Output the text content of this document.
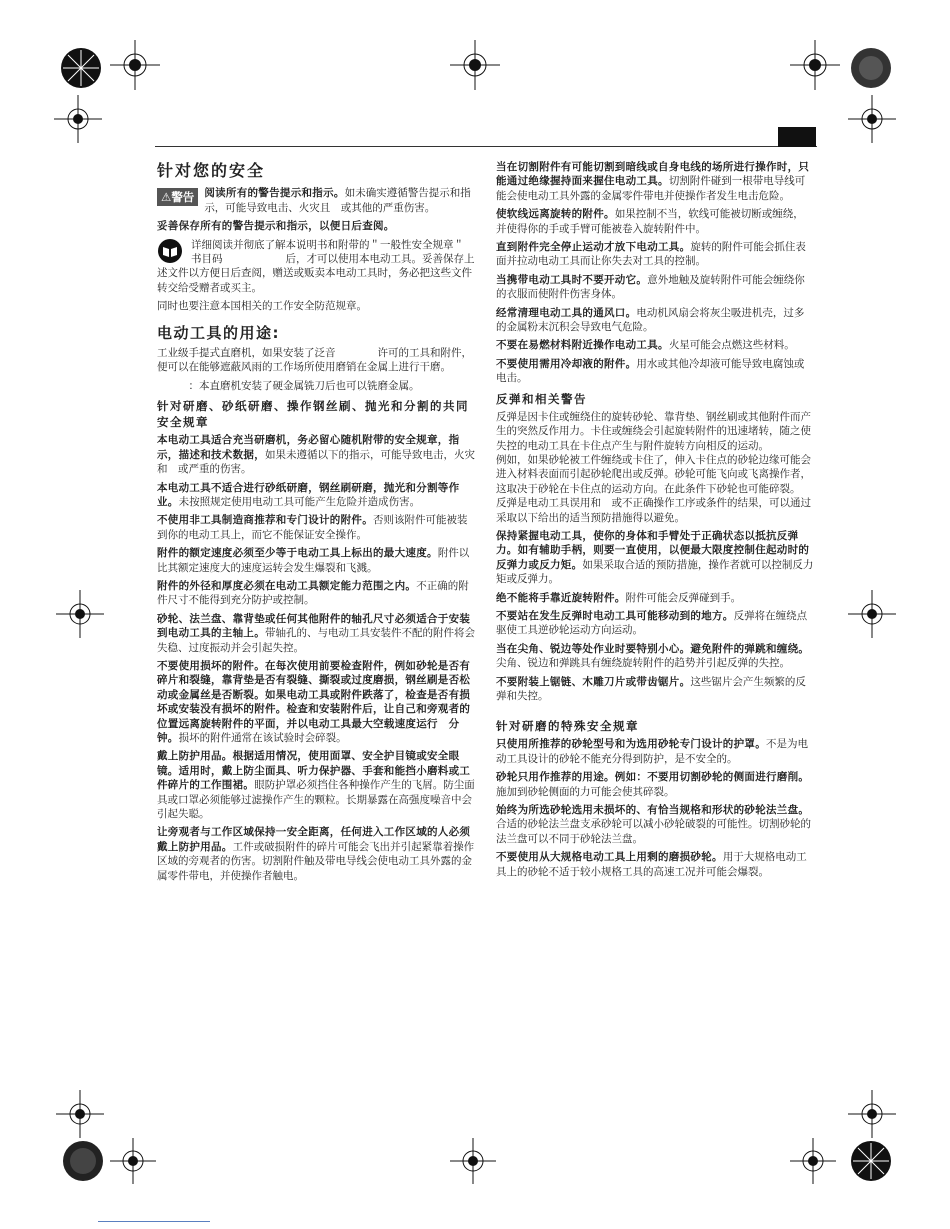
针对您的安全

⚠警告 阅读所有的警告提示和指示。如未确实遵循警告提示和指示，可能导致电击、火灾且　或其他的严重伤害。

妥善保存所有的警告提示和指示，以便日后查阅。

详细阅读并彻底了解本说明书和附带的＂一般性安全规章＂　书目码　　　　　　后，才可以使用本电动工具。妥善保存上述文件以方便日后查阅，赠送或贩卖本电动工具时，务必把这些文件转交给受赠者或买主。

同时也要注意本国相关的工作安全防范规章。

电动工具的用途:

工业级手提式直磨机，如果安装了泛音　　　　许可的工具和附件，便可以在能够遮蔽风雨的工作场所使用磨销在金属上进行干磨。

　　　：本直磨机安装了硬金属铣刀后也可以铣磨金属。

针对研磨、砂纸研磨、操作钢丝刷、抛光和分割的共同安全规章

本电动工具适合充当研磨机，务必留心随机附带的安全规章，指示，描述和技术数据，如果未遵循以下的指示，可能导致电击，火灾和　或严重的伤害。

本电动工具不适合进行砂纸研磨，钢丝刷研磨，抛光和分割等作业。未按照规定使用电动工具可能产生危险并造成伤害。

不使用非工具制造商推荐和专门设计的附件。否则该附件可能被装到你的电动工具上，而它不能保证安全操作。

附件的额定速度必须至少等于电动工具上标出的最大速度。附件以比其额定速度大的速度运转会发生爆裂和飞溅。

附件的外径和厚度必须在电动工具额定能力范围之内。不正确的附件尺寸不能得到充分防护或控制。

砂轮、法兰盘、靠背垫或任何其他附件的轴孔尺寸必须适合于安装到电动工具的主轴上。带轴孔的、与电动工具安装件不配的附件将会失稳、过度振动并会引起失控。

不要使用损坏的附件。在每次使用前要检查附件，例如砂轮是否有碎片和裂缝，靠背垫是否有裂缝、撕裂或过度磨损，钢丝刷是否松动或金属丝是否断裂。如果电动工具或附件跌落了，检查是否有损坏或安装没有损坏的附件。检查和安装附件后，让自己和旁观者的位置远离旋转附件的平面，并以电动工具最大空载速度运行　分钟。损坏的附件通常在该试验时会碎裂。

戴上防护用品。根据适用情况，使用面罩、安全护目镜或安全眼镜。适用时，戴上防尘面具、听力保护器、手套和能挡小磨料或工件碎片的工作围裙。眼防护罩必须挡住各种操作产生的飞屑。防尘面具或口罩必须能够过滤操作产生的颗粒。长期暴露在高强度噪音中会引起失聪。

让旁观者与工作区域保持一安全距离，任何进入工作区域的人必须戴上防护用品。工件或破损附件的碎片可能会飞出并引起紧靠着操作区域的旁观者的伤害。切割附件触及带电导线会使电动工具外露的金属零件带电，并使操作者触电。

当在切割附件有可能切割到暗线或自身电线的场所进行操作时，只能通过绝缘握持面来握住电动工具。切割附件碰到一根带电导线可能会使电动工具外露的金属零件带电并使操作者发生电击危险。

使软线远离旋转的附件。如果控制不当，软线可能被切断或缠绕，并使得你的手或手臂可能被卷入旋转附件中。

直到附件完全停止运动才放下电动工具。旋转的附件可能会抓住表面并拉动电动工具而让你失去对工具的控制。

当携带电动工具时不要开动它。意外地触及旋转附件可能会缠绕你的衣服而使附件伤害身体。

经常清理电动工具的通风口。电动机风扇会将灰尘吸进机壳，过多的金属粉末沉积会导致电气危险。

不要在易燃材料附近操作电动工具。火星可能会点燃这些材料。

不要使用需用冷却液的附件。用水或其他冷却液可能导致电腐蚀或电击。

反弹和相关警告

反弹是因卡住或缠绕住的旋转砂轮、靠背垫、钢丝刷或其他附件而产生的突然反作用力。卡住或缠绕会引起旋转附件的迅速堵转，随之使失控的电动工具在卡住点产生与附件旋转方向相反的运动。

例如，如果砂轮被工件缠绕或卡住了，伸入卡住点的砂轮边缘可能会进入材料表面而引起砂轮爬出或反弹。砂轮可能飞向或飞离操作者，这取决于砂轮在卡住点的运动方向。在此条件下砂轮也可能碎裂。

反弹是电动工具误用和　或不正确操作工序或条件的结果，可以通过采取以下给出的适当预防措施得以避免。

保持紧握电动工具，使你的身体和手臂处于正确状态以抵抗反弹力。如有辅助手柄，则要一直使用，以便最大限度控制住起动时的反弹力或反力矩。如果采取合适的预防措施，操作者就可以控制反力矩或反弹力。

绝不能将手靠近旋转附件。附件可能会反弹碰到手。

不要站在发生反弹时电动工具可能移动到的地方。反弹将在缠绕点驱使工具逆砂轮运动方向运动。

当在尖角、锐边等处作业时要特别小心。避免附件的弹跳和缠绕。尖角、锐边和弹跳具有缠绕旋转附件的趋势并引起反弹的失控。

不要附装上锯链、木雕刀片或带齿锯片。这些锯片会产生频繁的反弹和失控。

针对研磨的特殊安全规章

只使用所推荐的砂轮型号和为选用砂轮专门设计的护罩。不是为电动工具设计的砂轮不能充分得到防护，是不安全的。

砂轮只用作推荐的用途。例如：不要用切割砂轮的侧面进行磨削。施加到砂轮侧面的力可能会使其碎裂。

始终为所选砂轮选用未损坏的、有恰当规格和形状的砂轮法兰盘。合适的砂轮法兰盘支承砂轮可以减小砂轮破裂的可能性。切割砂轮的法兰盘可以不同于砂轮法兰盘。

不要使用从大规格电动工具上用剩的磨损砂轮。用于大规格电动工具上的砂轮不适于较小规格工具的高速工况并可能会爆裂。
